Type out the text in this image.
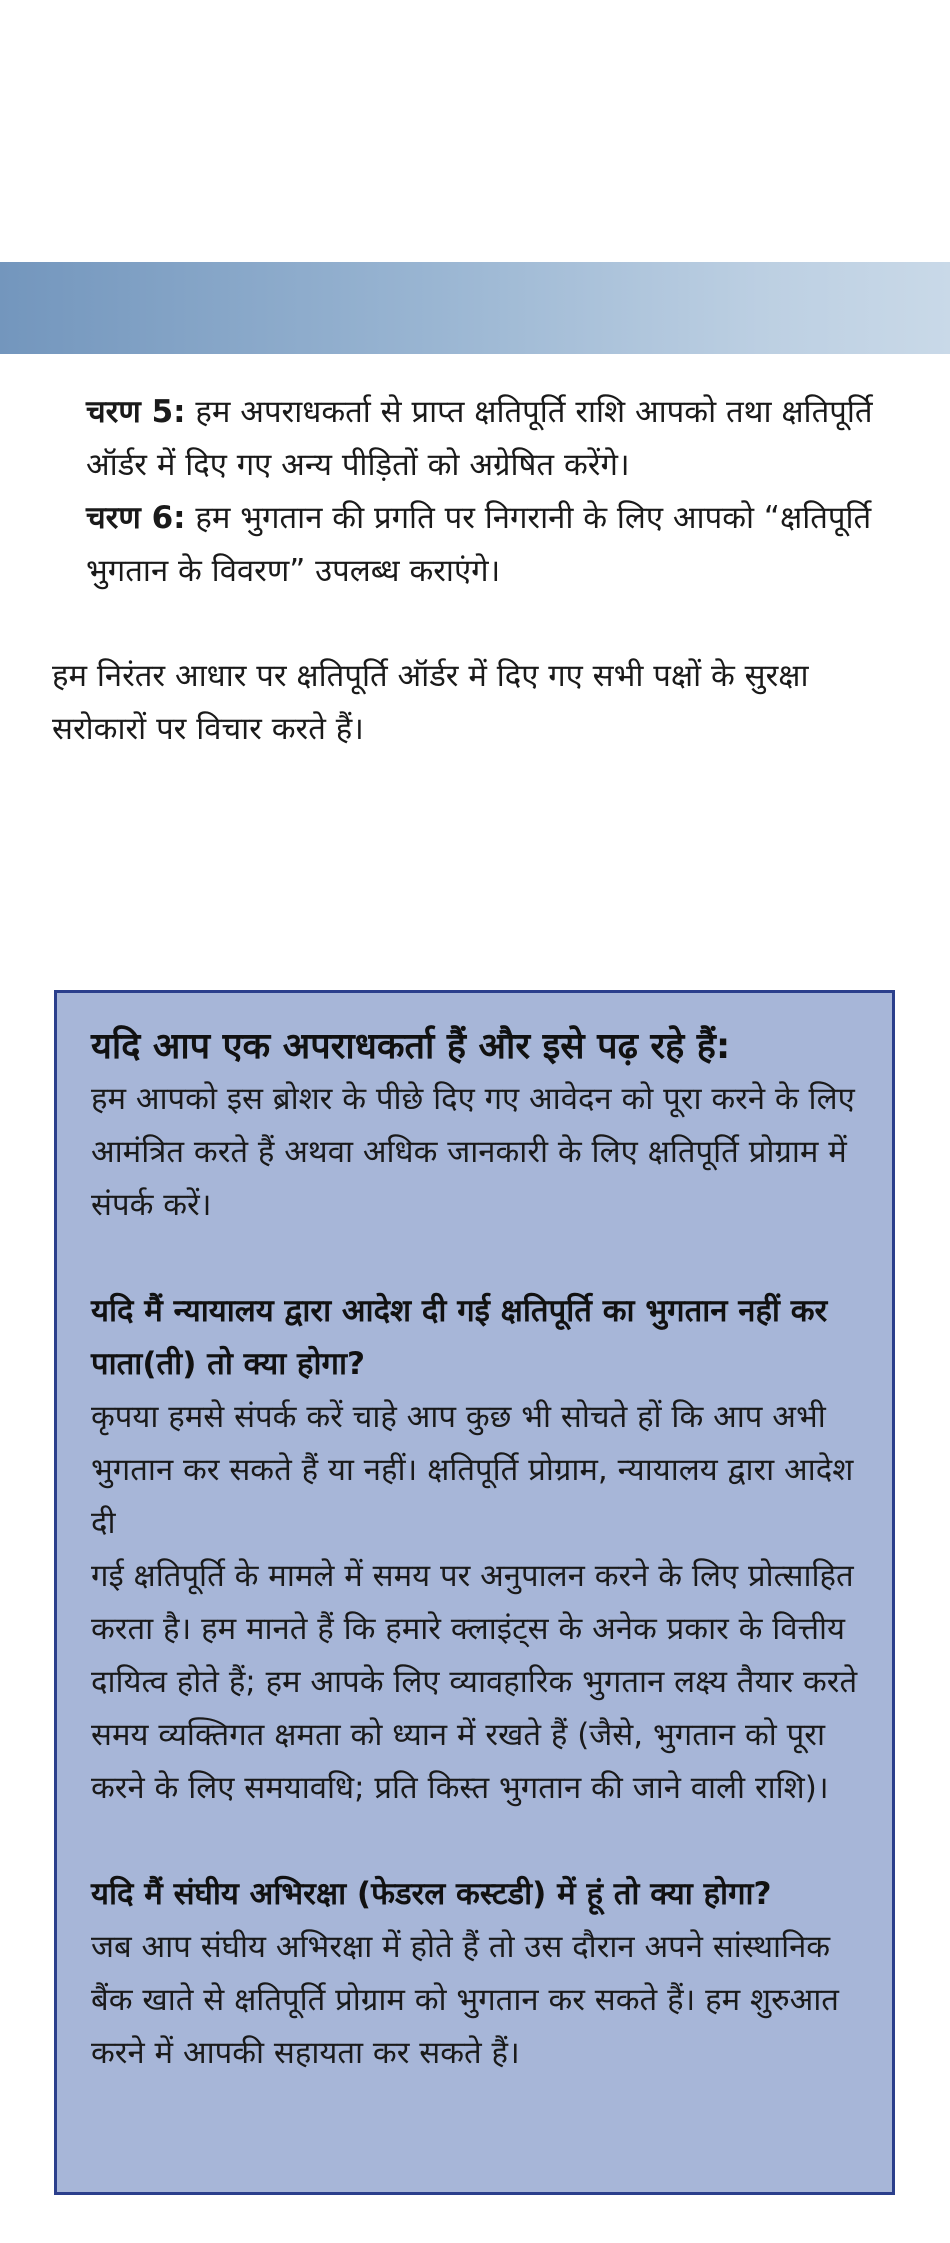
चरण 5: हम अपराधकर्ता से प्राप्त क्षतिपूर्ति राशि आपको तथा क्षतिपूर्ति ऑर्डर में दिए गए अन्य पीड़ितों को अग्रेषित करेंगे।

चरण 6: हम भुगतान की प्रगति पर निगरानी के लिए आपको “क्षतिपूर्ति भुगतान के विवरण” उपलब्ध कराएंगे।

हम निरंतर आधार पर क्षतिपूर्ति ऑर्डर में दिए गए सभी पक्षों के सुरक्षा सरोकारों पर विचार करते हैं।

यदि आप एक अपराधकर्ता हैं और इसे पढ़ रहे हैं:

हम आपको इस ब्रोशर के पीछे दिए गए आवेदन को पूरा करने के लिए आमंत्रित करते हैं अथवा अधिक जानकारी के लिए क्षतिपूर्ति प्रोग्राम में संपर्क करें।

यदि मैं न्यायालय द्वारा आदेश दी गई क्षतिपूर्ति का भुगतान नहीं कर पाता(ती) तो क्या होगा?

कृपया हमसे संपर्क करें चाहे आप कुछ भी सोचते हों कि आप अभी भुगतान कर सकते हैं या नहीं। क्षतिपूर्ति प्रोग्राम, न्यायालय द्वारा आदेश दी

गई क्षतिपूर्ति के मामले में समय पर अनुपालन करने के लिए प्रोत्साहित करता है। हम मानते हैं कि हमारे क्लाइंट्स के अनेक प्रकार के वित्तीय दायित्व होते हैं; हम आपके लिए व्यावहारिक भुगतान लक्ष्य तैयार करते समय व्यक्तिगत क्षमता को ध्यान में रखते हैं (जैसे, भुगतान को पूरा करने के लिए समयावधि; प्रति किस्त भुगतान की जाने वाली राशि)।

यदि मैं संघीय अभिरक्षा (फेडरल कस्टडी) में हूं तो क्या होगा?

जब आप संघीय अभिरक्षा में होते हैं तो उस दौरान अपने सांस्थानिक बैंक खाते से क्षतिपूर्ति प्रोग्राम को भुगतान कर सकते हैं। हम शुरुआत करने में आपकी सहायता कर सकते हैं।
